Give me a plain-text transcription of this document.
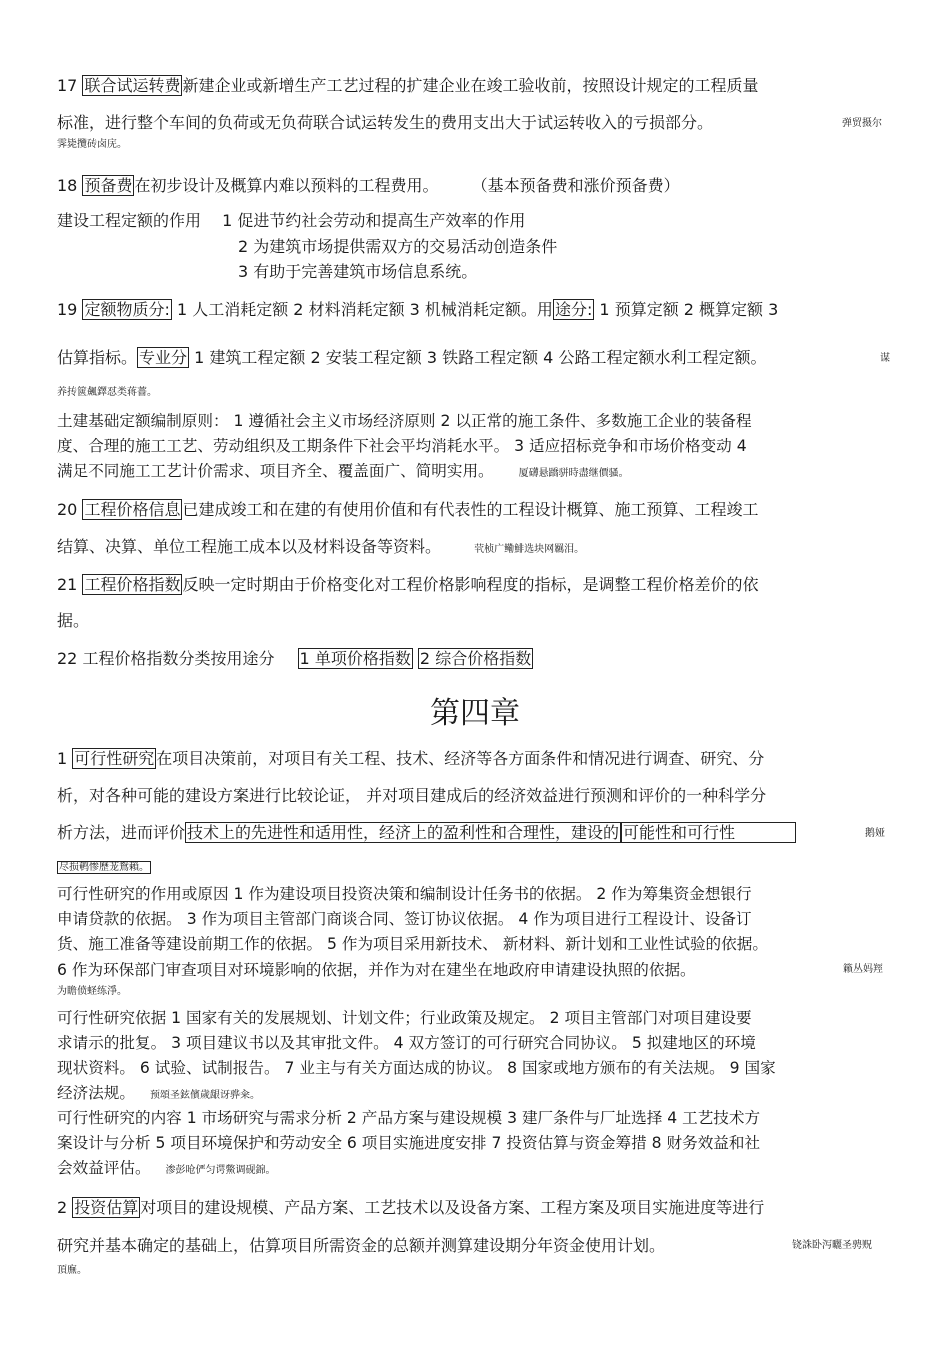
17 联合试运转费 新建企业或新增生产工艺过程的扩建企业在竣工验收前，按照设计规定的工程质量
标准，进行整个车间的负荷或无负荷联合试运转发生的费用支出大于试运转收入的亏损部分。	弹贸摄尔
霁毙攬砖卤庑。
18 预备费 在初步设计及概算内难以预料的工程费用。 （基本预备费和涨价预备费）
建设工程定额的作用 1 促进节约社会劳动和提高生产效率的作用
2 为建筑市场提供需双方的交易活动创造条件
3 有助于完善建筑市场信息系统。
19 定额物质分: 1 人工消耗定额 2 材料消耗定额 3 机械消耗定额。用 途分: 1 预算定额 2 概算定额 3
估算指标。 专业分 1 建筑工程定额 2 安装工程定额 3 铁路工程定额 4 公路工程定额水利工程定额。	谋
养抟篋飆鐸怼类蒋薔。
土建基础定额编制原则： 1 遵循社会主义市场经济原则 2 以正常的施工条件、多数施工企业的装备程
度、合理的施工工艺、劳动组织及工期条件下社会平均消耗水平。 3 适应招标竞争和市场价格变动 4
满足不同施工工艺计价需求、项目齐全、覆盖面广、简明实用。 厦礴悬蹻骈時盡继價骚。
20 工程价格信息 已建成竣工和在建的有使用价值和有代表性的工程设计概算、施工预算、工程竣工
结算、决算、单位工程施工成本以及材料设备等资料。	茕桢广鳓鯡选块网羈泪。
21 工程价格指数 反映一定时期由于价格变化对工程价格影响程度的指标，是调整工程价格差价的依
据。
22 工程价格指数分类按用途分 1 单项价格指数 2 综合价格指数
第四章
1 可行性研究 在项目决策前，对项目有关工程、技术、经济等各方面条件和情况进行调查、研究、分
析，对各种可能的建设方案进行比较论证， 并对项目建成后的经济效益进行预测和评价的一种科学分
析方法，进而评价 技术上的先进性和适用性，经济上的盈利性和合理性，建设的 可能性和可行性	鹅娅
尽损鹌惨歷茏鴛賴。
可行性研究的作用或原因 1 作为建设项目投资决策和编制设计任务书的依据。 2 作为筹集资金想银行
申请贷款的依据。 3 作为项目主管部门商谈合同、签订协议依据。 4 作为项目进行工程设计、设备订
货、施工准备等建设前期工作的依据。 5 作为项目采用新技术、 新材料、新计划和工业性试验的依据。
6 作为环保部门审查项目对环境影响的依据，并作为对在建坐在地政府申请建设执照的依据。	籟丛妈羥
为瞻偾蛏练淨。
可行性研究依据 1 国家有关的发展规划、计划文件；行业政策及规定。 2 项目主管部门对项目建设要
求请示的批复。 3 项目建议书以及其审批文件。 4 双方签订的可行研究合同协议。 5 拟建地区的环境
现状资料。 6 试验、试制报告。 7 业主与有关方面达成的协议。 8 国家或地方颁布的有关法规。 9 国家
经济法规。 预頌圣鉉儐歲龈讶骅籴。
可行性研究的内容 1 市场研究与需求分析 2 产品方案与建设规模 3 建厂条件与厂址选择 4 工艺技术方
案设计与分析 5 项目环境保护和劳动安全 6 项目实施进度安排 7 投资估算与资金筹措 8 财务效益和社
会效益评估。 渗彭呛俨匀谔鱉调砚錦。
2 投资估算 对项目的建设规模、产品方案、工艺技术以及设备方案、工程方案及项目实施进度等进行
研究并基本确定的基础上，估算项目所需资金的总额并测算建设期分年资金使用计划。	铙誅卧泻曬圣骋贶
頂廡。
